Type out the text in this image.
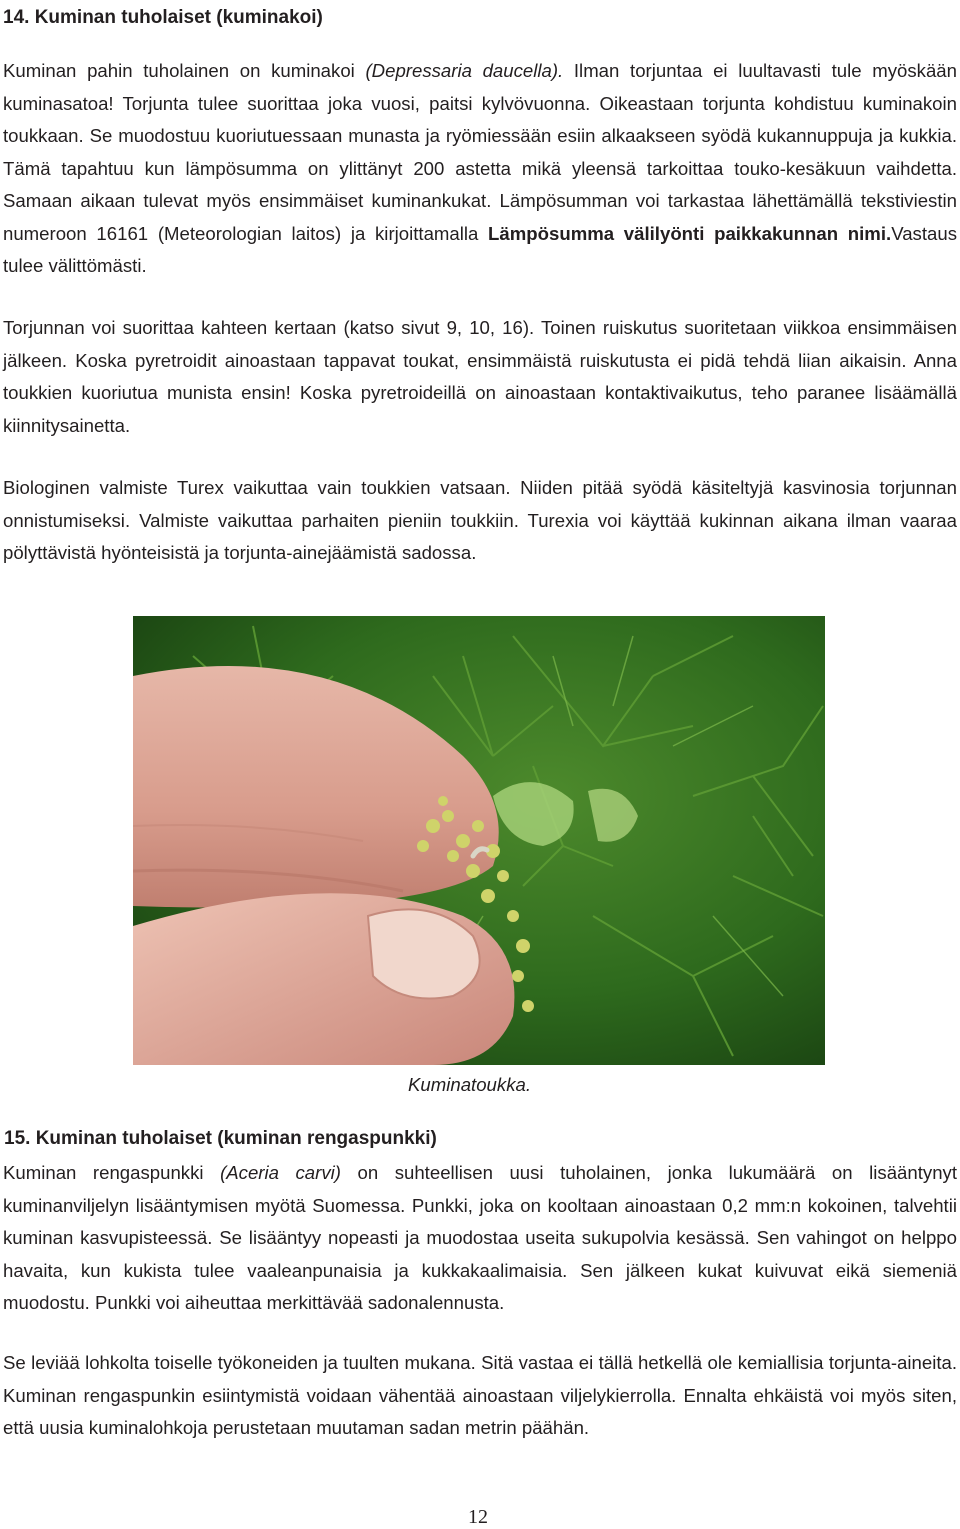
14. Kuminan tuholaiset (kuminakoi)

Kuminan pahin tuholainen on kuminakoi (Depressaria daucella). Ilman torjuntaa ei luultavasti tule myöskään kuminasatoa! Torjunta tulee suorittaa joka vuosi, paitsi kylvövuonna. Oikeastaan torjunta kohdistuu kuminakoin toukkaan. Se muodostuu kuoriutuessaan munasta ja ryömiessään esiin alkaakseen syödä kukannuppuja ja kukkia. Tämä tapahtuu kun lämpösumma on ylittänyt 200 astetta mikä yleensä tarkoittaa touko-kesäkuun vaihdetta. Samaan aikaan tulevat myös ensimmäiset kuminankukat. Lämpösumman voi tarkastaa lähettämällä tekstiviestin numeroon 16161 (Meteorologian laitos) ja kirjoittamalla Lämpösumma välilyönti paikkakunnan nimi.Vastaus tulee välittömästi.

Torjunnan voi suorittaa kahteen kertaan (katso sivut 9, 10, 16). Toinen ruiskutus suoritetaan viikkoa ensimmäisen jälkeen. Koska pyretroidit ainoastaan tappavat toukat, ensimmäistä ruiskutusta ei pidä tehdä liian aikaisin. Anna toukkien kuoriutua munista ensin! Koska pyretroideillä on ainoastaan kontaktivaikutus, teho paranee lisäämällä kiinnitysainetta.

Biologinen valmiste Turex vaikuttaa vain toukkien vatsaan. Niiden pitää syödä käsiteltyjä kasvinosia torjunnan onnistumiseksi. Valmiste vaikuttaa parhaiten pieniin toukkiin. Turexia voi käyttää kukinnan aikana ilman vaaraa pölyttävistä hyönteisistä ja torjunta-ainejäämistä sadossa.

Kuminatoukka.
15. Kuminan tuholaiset (kuminan rengaspunkki)

Kuminan rengaspunkki (Aceria carvi) on suhteellisen uusi tuholainen, jonka lukumäärä on lisääntynyt kuminanviljelyn lisääntymisen myötä Suomessa. Punkki, joka on kooltaan ainoastaan 0,2 mm:n kokoinen, talvehtii kuminan kasvupisteessä. Se lisääntyy nopeasti ja muodostaa useita sukupolvia kesässä. Sen vahingot on helppo havaita, kun kukista tulee vaaleanpunaisia ja kukkakaalimaisia. Sen jälkeen kukat kuivuvat eikä siemeniä muodostu. Punkki voi aiheuttaa merkittävää sadonalennusta.

Se leviää lohkolta toiselle työkoneiden ja tuulten mukana. Sitä vastaa ei tällä hetkellä ole kemiallisia torjunta-aineita. Kuminan rengaspunkin esiintymistä voidaan vähentää ainoastaan viljelykierrolla. Ennalta ehkäistä voi myös siten, että uusia kuminalohkoja perustetaan muutaman sadan metrin päähän.

12
